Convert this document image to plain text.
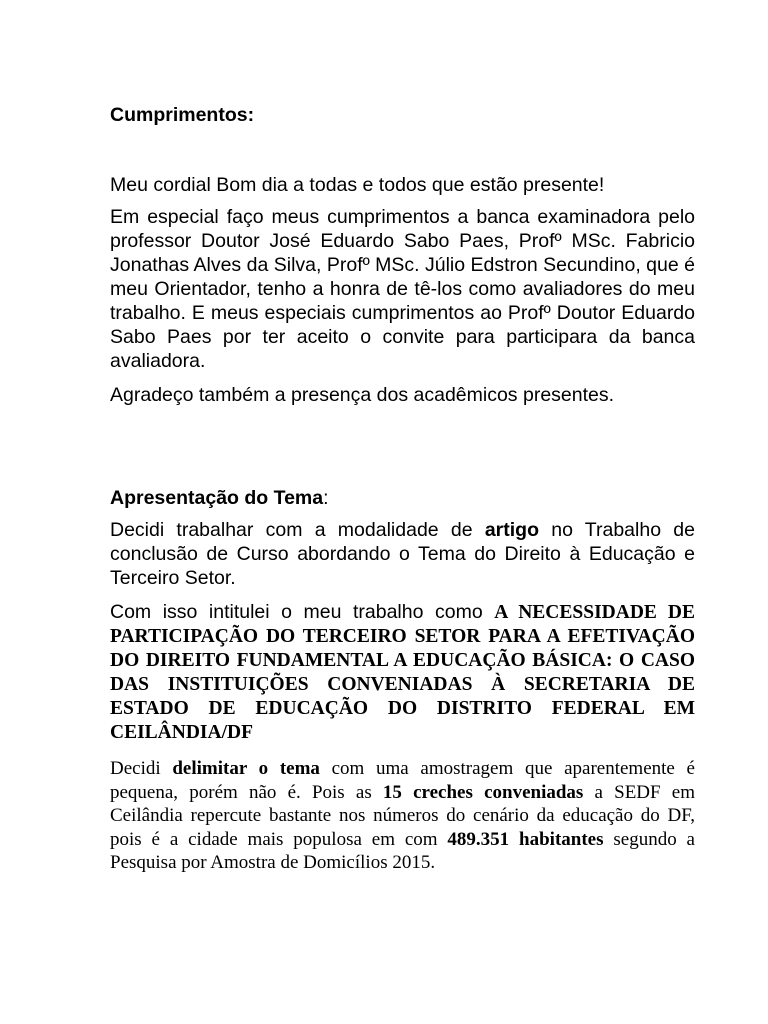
Cumprimentos:

Meu cordial Bom dia a todas e todos que estão presente!

Em especial faço meus cumprimentos a banca examinadora pelo professor Doutor José Eduardo Sabo Paes, Profº MSc. Fabricio Jonathas Alves da Silva, Profº MSc. Júlio Edstron Secundino, que é meu Orientador, tenho a honra de tê-los como avaliadores do meu trabalho. E meus especiais cumprimentos ao Profº Doutor Eduardo Sabo Paes por ter aceito o convite para participara da banca avaliadora.

Agradeço também a presença dos acadêmicos presentes.

Apresentação do Tema:

Decidi trabalhar com a modalidade de artigo no Trabalho de conclusão de Curso abordando o Tema do Direito à Educação e Terceiro Setor.

Com isso intitulei o meu trabalho como A NECESSIDADE DE PARTICIPAÇÃO DO TERCEIRO SETOR PARA A EFETIVAÇÃO DO DIREITO FUNDAMENTAL A EDUCAÇÃO BÁSICA: O CASO DAS INSTITUIÇÕES CONVENIADAS À SECRETARIA DE ESTADO DE EDUCAÇÃO DO DISTRITO FEDERAL EM CEILÂNDIA/DF

Decidi delimitar o tema com uma amostragem que aparentemente é pequena, porém não é. Pois as 15 creches conveniadas a SEDF em Ceilândia repercute bastante nos números do cenário da educação do DF, pois é a cidade mais populosa em com 489.351 habitantes segundo a Pesquisa por Amostra de Domicílios 2015.
